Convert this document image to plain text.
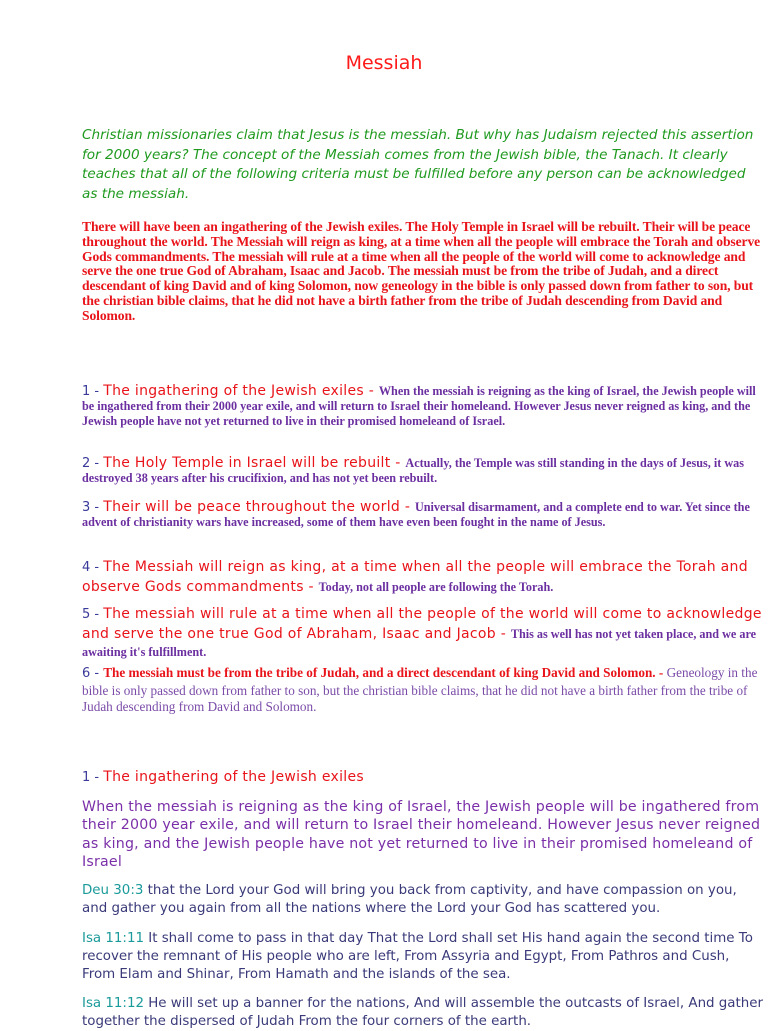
Messiah
Christian missionaries claim that Jesus is the messiah. But why has Judaism rejected this assertion for 2000 years? The concept of the Messiah comes from the Jewish bible, the Tanach. It clearly teaches that all of the following criteria must be fulfilled before any person can be acknowledged as the messiah.
There will have been an ingathering of the Jewish exiles. The Holy Temple in Israel will be rebuilt. Their will be peace throughout the world. The Messiah will reign as king, at a time when all the people will embrace the Torah and observe Gods commandments. The messiah will rule at a time when all the people of the world will come to acknowledge and serve the one true God of Abraham, Isaac and Jacob. The messiah must be from the tribe of Judah, and a direct descendant of king David and of king Solomon, now geneology in the bible is only passed down from father to son, but the christian bible claims, that he did not have a birth father from the tribe of Judah descending from David and Solomon.
1 - The ingathering of the Jewish exiles - When the messiah is reigning as the king of Israel, the Jewish people will be ingathered from their 2000 year exile, and will return to Israel their homeleand. However Jesus never reigned as king, and the Jewish people have not yet returned to live in their promised homeleand of Israel.
2 - The Holy Temple in Israel will be rebuilt - Actually, the Temple was still standing in the days of Jesus, it was destroyed 38 years after his crucifixion, and has not yet been rebuilt.
3 - Their will be peace throughout the world - Universal disarmament, and a complete end to war. Yet since the advent of christianity wars have increased, some of them have even been fought in the name of Jesus.
4 - The Messiah will reign as king, at a time when all the people will embrace the Torah and observe Gods commandments - Today, not all people are following the Torah.
5 - The messiah will rule at a time when all the people of the world will come to acknowledge and serve the one true God of Abraham, Isaac and Jacob - This as well has not yet taken place, and we are awaiting it's fulfillment.
6 - The messiah must be from the tribe of Judah, and a direct descendant of king David and Solomon. - Geneology in the bible is only passed down from father to son, but the christian bible claims, that he did not have a birth father from the tribe of Judah descending from David and Solomon.
1 - The ingathering of the Jewish exiles
When the messiah is reigning as the king of Israel, the Jewish people will be ingathered from their 2000 year exile, and will return to Israel their homeleand. However Jesus never reigned as king, and the Jewish people have not yet returned to live in their promised homeleand of Israel
Deu 30:3 that the Lord your God will bring you back from captivity, and have compassion on you, and gather you again from all the nations where the Lord your God has scattered you.
Isa 11:11 It shall come to pass in that day That the Lord shall set His hand again the second time To recover the remnant of His people who are left, From Assyria and Egypt, From Pathros and Cush, From Elam and Shinar, From Hamath and the islands of the sea.
Isa 11:12 He will set up a banner for the nations, And will assemble the outcasts of Israel, And gather together the dispersed of Judah From the four corners of the earth.
